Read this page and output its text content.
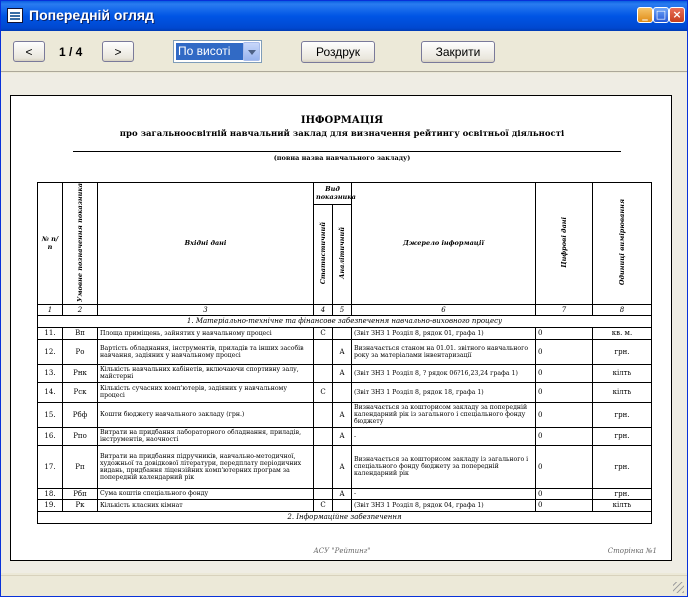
Попередній огляд	_ □ ×
<	1 / 4	>	По висоті	Роздрук	Закрити
ІНФОРМАЦІЯ
про загальноосвітній навчальний заклад для визначення рейтингу освітньої діяльності
(повна назва навчального закладу)
№ п/п	Умовне позначення показника	Вхідні дані	Вид показника		Джерело інформації	Цифрові дані	Одиниці вимірювання
			Статистичний	Аналітичний			
1	2	3	4	5	6	7	8
1. Матеріально-технічне та фінансове забезпечення навчально-виховного процесу							
11.	Вп	Площа приміщень, зайнятих у навчальному процесі	С		(Звіт ЗНЗ 1 Розділ 8, рядок 01, графа 1)	0	кв. м.
12.	Ро	Вартість обладнання, інструментів, приладів та інших засобів навчання, задіяних у навчальному процесі		А	Визначається станом на 01.01. звітного навчального року за матеріалами інвентаризації	0	грн.
13.	Рнк	Кількість навчальних кабінетів, включаючи спортивну залу, майстерні		А	(Звіт ЗНЗ 1 Розділ 8, ? рядок 06?16,23,24 графа 1)	0	кілть
14.	Рск	Кількість сучасних комп'ютерів, задіяних у навчальному процесі	С		(Звіт ЗНЗ 1 Розділ 8, рядок 18, графа 1)	0	кілть
15.	Рбф	Кошти бюджету навчального закладу (грн.)		А	Визначається за кошторисом закладу за попередній календарний рік із загального і спеціального фонду бюджету	0	грн.
16.	Рпо	Витрати на придбання лабораторного обладнання, приладів, інструментів, наочності		А	-	0	грн.
17.	Рп	Витрати на придбання підручників, навчально-методичної, художньої та довідкової літератури, передплату періодичних видань, придбання ліцензійних комп'ютерних програм за попередній календарний рік		А	Визначається за кошторисом закладу із загального і спеціального фонду бюджету за попередній календарний рік	0	грн.
18.	Рбп	Сума коштів спеціального фонду		А	-	0	грн.
19.	Рк	Кількість класних кімнат	С		(Звіт ЗНЗ 1 Розділ 8, рядок 04, графа 1)	0	кілть
2. Інформаційне забезпечення							
АСУ "Рейтинг"	Сторінка №1
